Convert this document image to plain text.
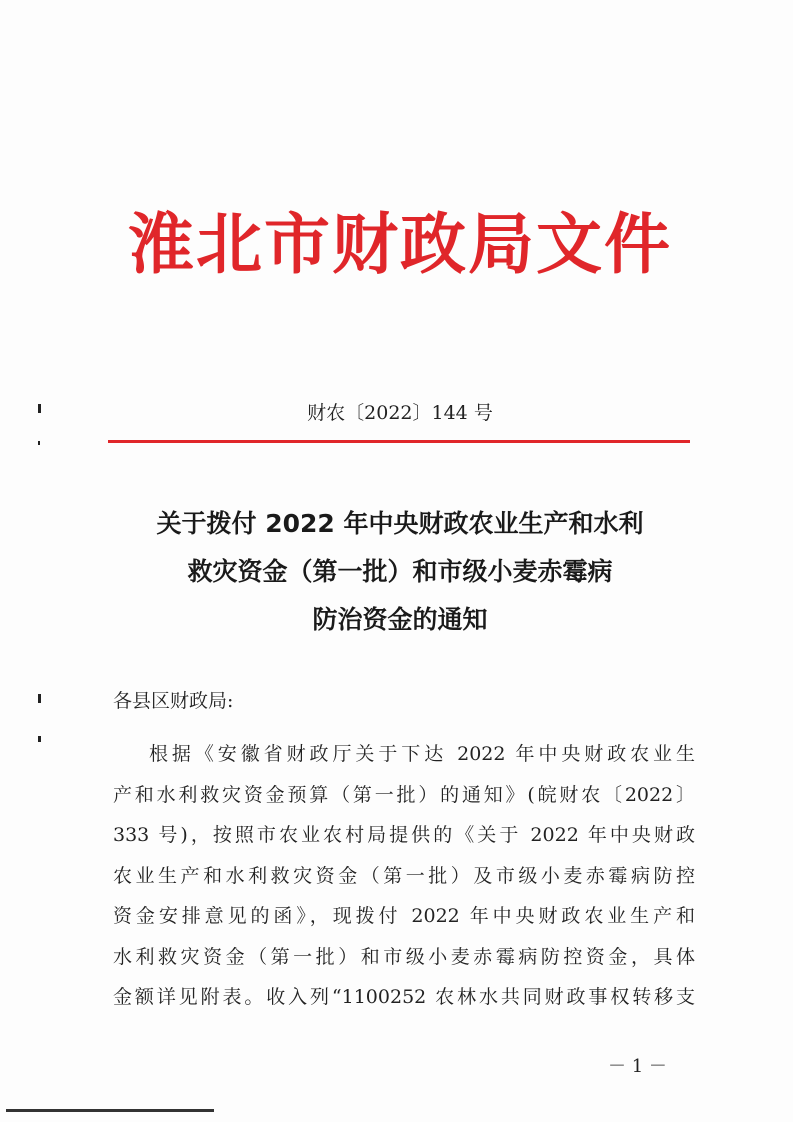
淮北市财政局文件
财农〔2022〕144 号
关于拨付 2022 年中央财政农业生产和水利
救灾资金（第一批）和市级小麦赤霉病
防治资金的通知
各县区财政局:
根据《安徽省财政厅关于下达 2022 年中央财政农业生
产和水利救灾资金预算（第一批）的通知》(皖财农〔2022〕
333 号)，按照市农业农村局提供的《关于 2022 年中央财政
农业生产和水利救灾资金（第一批）及市级小麦赤霉病防控
资金安排意见的函》，现拨付 2022 年中央财政农业生产和
水利救灾资金（第一批）和市级小麦赤霉病防控资金，具体
金额详见附表。收入列“1100252 农林水共同财政事权转移支
－ 1 －
